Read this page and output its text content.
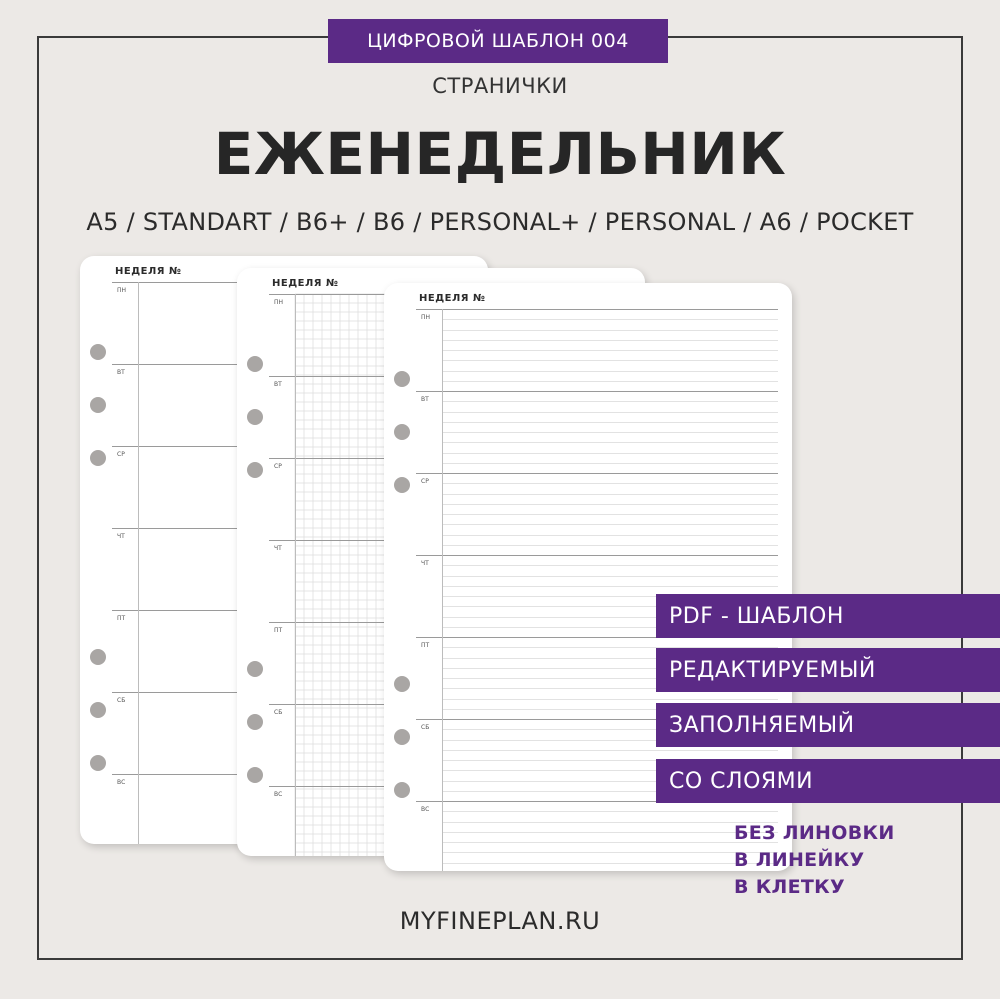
ЦИФРОВОЙ ШАБЛОН 004
СТРАНИЧКИ
ЕЖЕНЕДЕЛЬНИК
A5 / STANDART / B6+ / B6 / PERSONAL+ / PERSONAL / A6 / POCKET
НЕДЕЛЯ №
ПН
ВТ
СР
ЧТ
ПТ
СБ
ВС
НЕДЕЛЯ №
ПН
ВТ
СР
ЧТ
ПТ
СБ
ВС
НЕДЕЛЯ №
ПН
ВТ
СР
ЧТ
ПТ
СБ
ВС
PDF - ШАБЛОН
РЕДАКТИРУЕМЫЙ
ЗАПОЛНЯЕМЫЙ
СО СЛОЯМИ
БЕЗ ЛИНОВКИ
В ЛИНЕЙКУ
В КЛЕТКУ
MYFINEPLAN.RU
